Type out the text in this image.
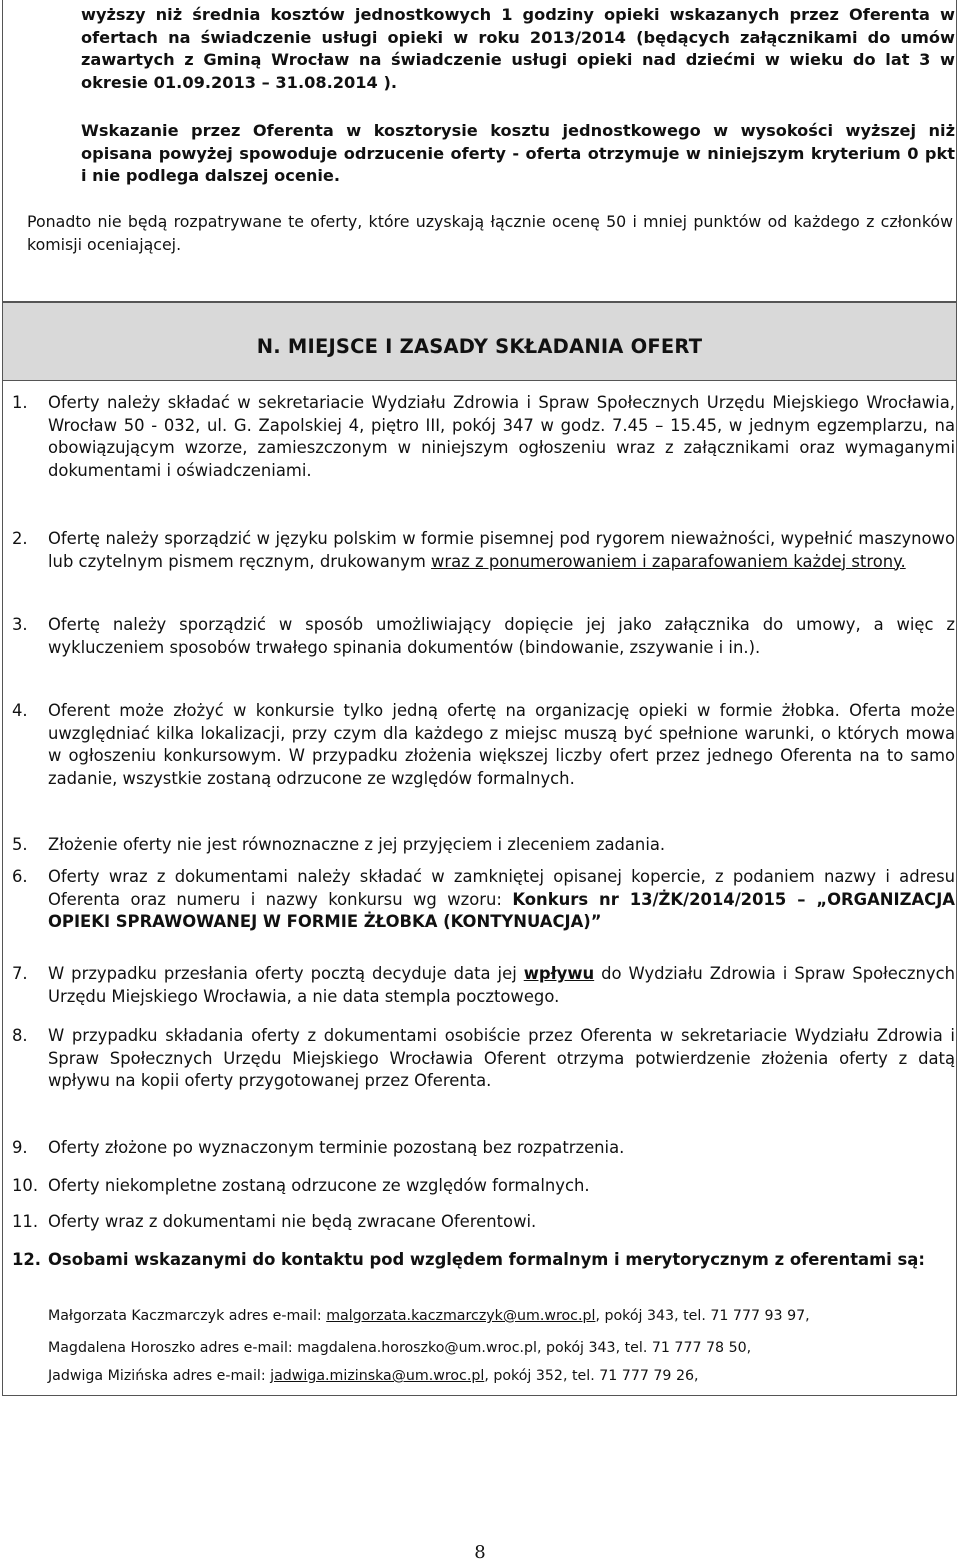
wyższy niż średnia kosztów jednostkowych 1 godziny opieki wskazanych przez Oferenta w ofertach na świadczenie usługi opieki w roku 2013/2014 (będących załącznikami do umów zawartych z Gminą Wrocław na świadczenie usługi opieki nad dziećmi w wieku do lat 3 w okresie 01.09.2013 – 31.08.2014 ).
Wskazanie przez Oferenta w kosztorysie kosztu jednostkowego w wysokości wyższej niż opisana powyżej spowoduje odrzucenie oferty - oferta otrzymuje w niniejszym kryterium 0 pkt i nie podlega dalszej ocenie.
Ponadto nie będą rozpatrywane te oferty, które uzyskają łącznie ocenę 50 i mniej punktów od każdego z członków komisji oceniającej.
N. MIEJSCE I ZASADY SKŁADANIA OFERT
1.	Oferty należy składać w sekretariacie Wydziału Zdrowia i Spraw Społecznych Urzędu Miejskiego Wrocławia, Wrocław 50 - 032, ul. G. Zapolskiej 4, piętro III, pokój 347 w godz. 7.45 – 15.45, w jednym egzemplarzu, na obowiązującym wzorze, zamieszczonym w niniejszym ogłoszeniu wraz z załącznikami oraz wymaganymi dokumentami i oświadczeniami.
2.	Ofertę należy sporządzić w języku polskim w formie pisemnej pod rygorem nieważności, wypełnić maszynowo lub czytelnym pismem ręcznym, drukowanym wraz z ponumerowaniem i zaparafowaniem każdej strony.
3.	Ofertę należy sporządzić w sposób umożliwiający dopięcie jej jako załącznika do umowy, a więc z wykluczeniem sposobów trwałego spinania dokumentów (bindowanie, zszywanie i in.).
4.	Oferent może złożyć w konkursie tylko jedną ofertę na organizację opieki w formie żłobka. Oferta może uwzględniać kilka lokalizacji, przy czym dla każdego z miejsc muszą być spełnione warunki, o których mowa w ogłoszeniu konkursowym. W przypadku złożenia większej liczby ofert przez jednego Oferenta na to samo zadanie, wszystkie zostaną odrzucone ze względów formalnych.
5.	Złożenie oferty nie jest równoznaczne z jej przyjęciem i zleceniem zadania.
6.	Oferty wraz z dokumentami należy składać w zamkniętej opisanej kopercie, z podaniem nazwy i adresu Oferenta oraz numeru i nazwy konkursu wg wzoru: Konkurs nr 13/ŻK/2014/2015 – „ORGANIZACJA OPIEKI SPRAWOWANEJ W FORMIE ŻŁOBKA (KONTYNUACJA)”
7.	W przypadku przesłania oferty pocztą decyduje data jej wpływu do Wydziału Zdrowia i Spraw Społecznych Urzędu Miejskiego Wrocławia, a nie data stempla pocztowego.
8.	W przypadku składania oferty z dokumentami osobiście przez Oferenta w sekretariacie Wydziału Zdrowia i Spraw Społecznych Urzędu Miejskiego Wrocławia Oferent otrzyma potwierdzenie złożenia oferty z datą wpływu na kopii oferty przygotowanej przez Oferenta.
9.	Oferty złożone po wyznaczonym terminie pozostaną bez rozpatrzenia.
10. Oferty niekompletne zostaną odrzucone ze względów formalnych.
11. Oferty wraz z dokumentami nie będą zwracane Oferentowi.
12. Osobami wskazanymi do kontaktu pod względem formalnym i merytorycznym z oferentami są:
Małgorzata Kaczmarczyk adres e-mail: malgorzata.kaczmarczyk@um.wroc.pl, pokój 343, tel. 71 777 93 97,
Magdalena Horoszko adres e-mail: magdalena.horoszko@um.wroc.pl, pokój 343, tel. 71 777 78 50,
Jadwiga Mizińska adres e-mail: jadwiga.mizinska@um.wroc.pl, pokój 352, tel. 71 777 79 26,
8
